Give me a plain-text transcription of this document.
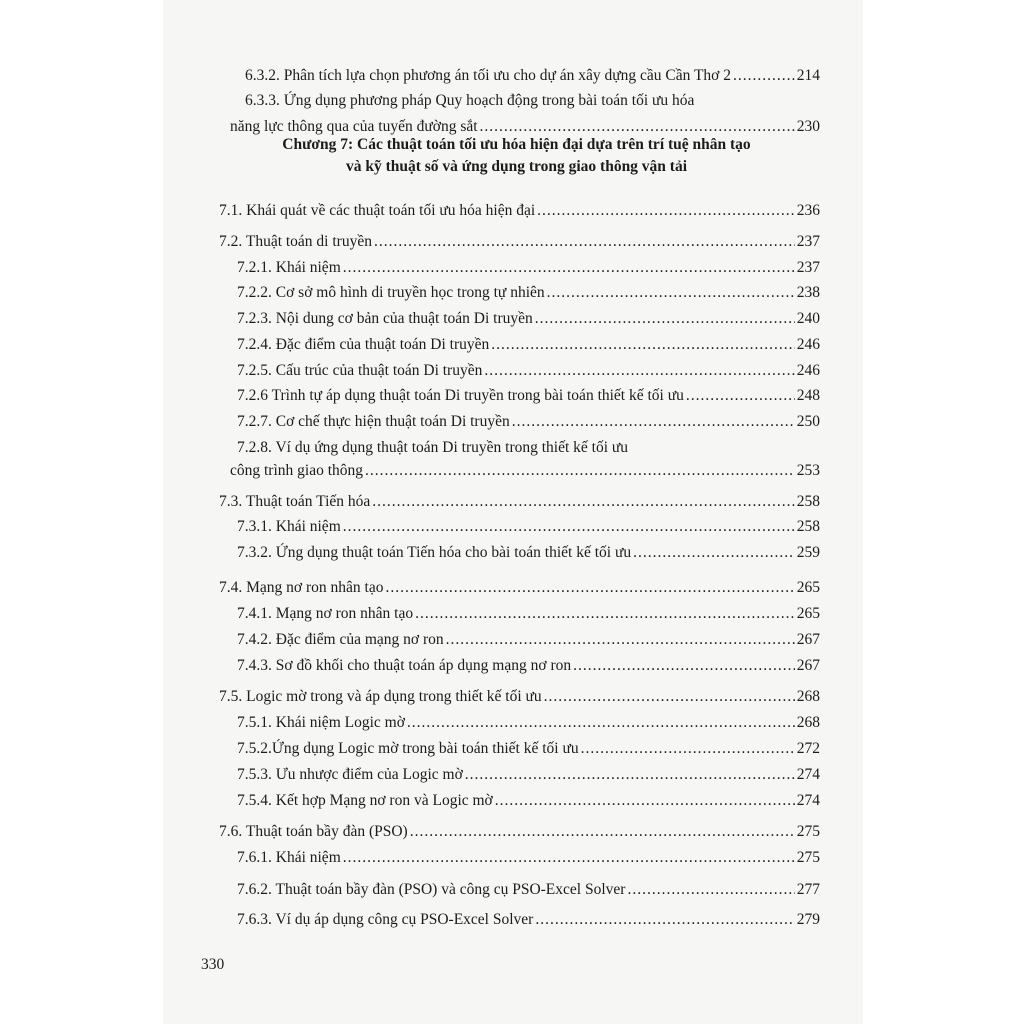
6.3.2. Phân tích lựa chọn phương án tối ưu cho dự án xây dựng cầu Cần Thơ 2 .....	214
6.3.3. Ứng dụng phương pháp Quy hoạch động trong bài toán tối ưu hóa
năng lực thông qua của tuyến đường sắt .....	230
Chương 7: Các thuật toán tối ưu hóa hiện đại dựa trên trí tuệ nhân tạo
và kỹ thuật số và ứng dụng trong giao thông vận tải
7.1. Khái quát về các thuật toán tối ưu hóa hiện đại .....	236
7.2. Thuật toán di truyền .....	237
7.2.1. Khái niệm .....	237
7.2.2. Cơ sở mô hình di truyền học trong tự nhiên .....	238
7.2.3. Nội dung cơ bản của thuật toán Di truyền .....	240
7.2.4. Đặc điểm của thuật toán Di truyền .....	246
7.2.5. Cấu trúc của thuật toán Di truyền .....	246
7.2.6 Trình tự áp dụng thuật toán Di truyền trong bài toán thiết kế tối ưu .....	248
7.2.7. Cơ chế thực hiện thuật toán Di truyền .....	250
7.2.8. Ví dụ ứng dụng thuật toán Di truyền trong thiết kế tối ưu
công trình giao thông .....	253
7.3. Thuật toán Tiến hóa .....	258
7.3.1. Khái niệm .....	258
7.3.2. Ứng dụng thuật toán Tiến hóa cho bài toán thiết kế tối ưu .....	259
7.4. Mạng nơ ron nhân tạo .....	265
7.4.1. Mạng nơ ron nhân tạo .....	265
7.4.2. Đặc điểm của mạng nơ ron .....	267
7.4.3. Sơ đồ khối cho thuật toán áp dụng mạng nơ ron .....	267
7.5. Logic mờ trong và áp dụng trong thiết kế tối ưu .....	268
7.5.1. Khái niệm Logic mờ .....	268
7.5.2.Ứng dụng Logic mờ trong bài toán thiết kế tối ưu .....	272
7.5.3. Ưu nhược điểm của Logic mờ .....	274
7.5.4. Kết hợp Mạng nơ ron và Logic mờ .....	274
7.6. Thuật toán bầy đàn (PSO) .....	275
7.6.1. Khái niệm .....	275
7.6.2. Thuật toán bầy đàn (PSO) và công cụ PSO-Excel Solver .....	277
7.6.3. Ví dụ áp dụng công cụ PSO-Excel Solver .....	279
330
